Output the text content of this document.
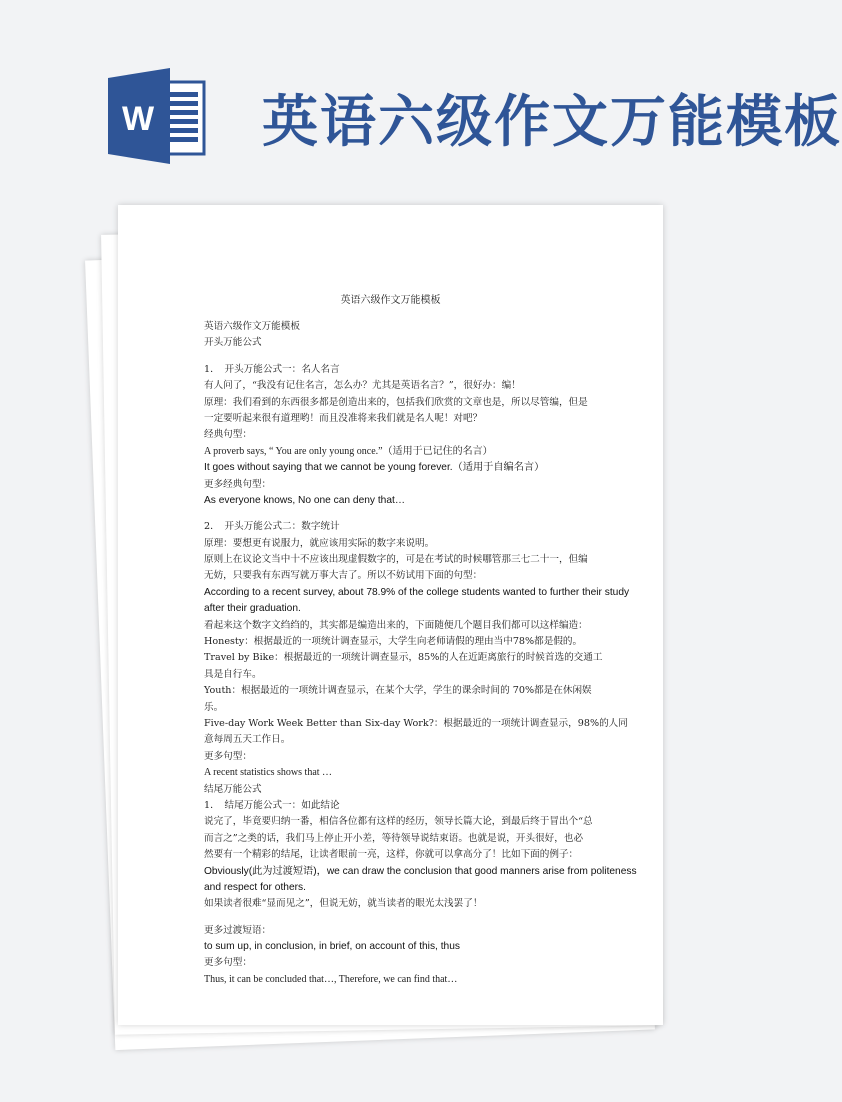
W 英语六级作文万能模板
英语六级作文万能模板
英语六级作文万能模板
开头万能公式
1．　开头万能公式一：名人名言
有人问了，“我没有记住名言，怎么办？尤其是英语名言？”，很好办：编！
原理：我们看到的东西很多都是创造出来的，包括我们欣赏的文章也是，所以尽管编，但是
一定要听起来很有道理哟！而且没准将来我们就是名人呢！对吧？
经典句型：
A proverb says, “ You are only young once.”（适用于已记住的名言）
It goes without saying that we cannot be young forever.（适用于自编名言）
更多经典句型：
As everyone knows, No one can deny that…
2．　开头万能公式二：数字统计
原理：要想更有说服力，就应该用实际的数字来说明。
原则上在议论文当中十不应该出现虚假数字的，可是在考试的时候哪管那三七二十一，但编
无妨，只要我有东西写就万事大吉了。所以不妨试用下面的句型：
According to a recent survey, about 78.9% of the college students wanted to further their study
after their graduation.
看起来这个数字文绉绉的，其实都是编造出来的，下面随便几个题目我们都可以这样编造：
Honesty：根据最近的一项统计调查显示，大学生向老师请假的理由当中78%都是假的。
Travel by Bike：根据最近的一项统计调查显示，85%的人在近距离旅行的时候首选的交通工
具是自行车。
Youth：根据最近的一项统计调查显示，在某个大学，学生的课余时间的 70%都是在休闲娱
乐。
Five-day Work Week Better than Six-day Work?：根据最近的一项统计调查显示，98%的人同
意每周五天工作日。
更多句型：
A recent statistics shows that …
结尾万能公式
1．　结尾万能公式一：如此结论
说完了，毕竟要归纳一番，相信各位都有这样的经历，领导长篇大论，到最后终于冒出个“总
而言之”之类的话，我们马上停止开小差，等待领导说结束语。也就是说，开头很好，也必
然要有一个精彩的结尾，让读者眼前一亮，这样，你就可以拿高分了！比如下面的例子：
Obviously(此为过渡短语)，we can draw the conclusion that good manners arise from politeness
and respect for others.
如果读者很难“显而见之”，但说无妨，就当读者的眼光太浅罢了！
更多过渡短语：
to sum up, in conclusion, in brief, on account of this, thus
更多句型：
Thus, it can be concluded that…, Therefore, we can find that…
